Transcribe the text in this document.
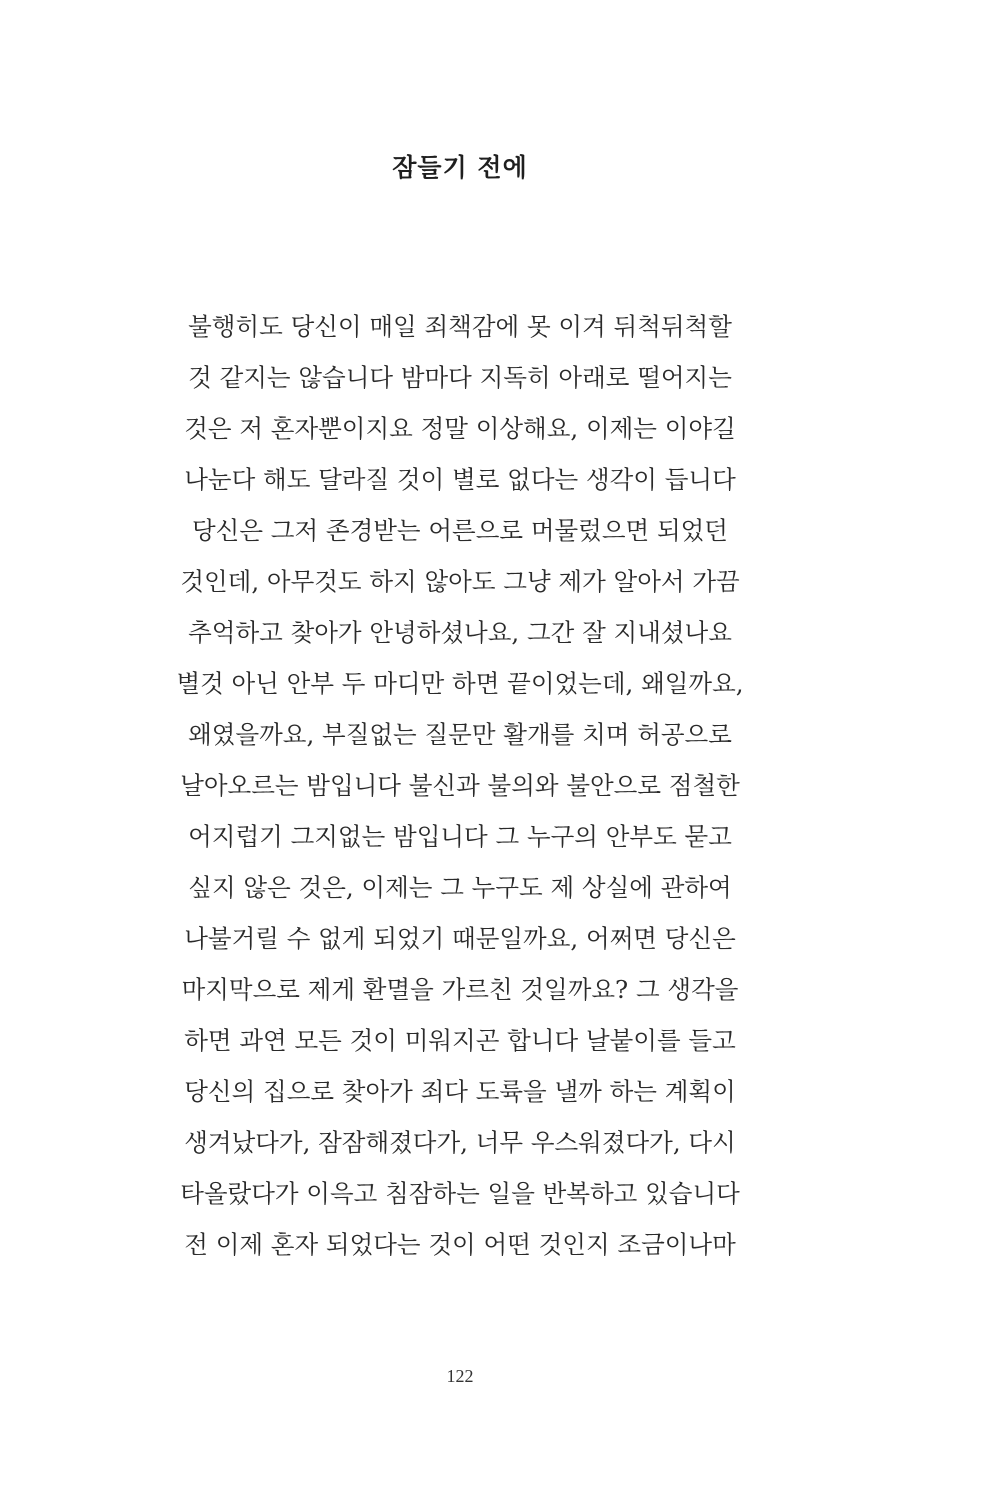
잠들기 전에
불행히도 당신이 매일 죄책감에 못 이겨 뒤척뒤척할
것 같지는 않습니다 밤마다 지독히 아래로 떨어지는
것은 저 혼자뿐이지요 정말 이상해요, 이제는 이야길
나눈다 해도 달라질 것이 별로 없다는 생각이 듭니다
당신은 그저 존경받는 어른으로 머물렀으면 되었던
것인데, 아무것도 하지 않아도 그냥 제가 알아서 가끔
추억하고 찾아가 안녕하셨나요, 그간 잘 지내셨나요
별것 아닌 안부 두 마디만 하면 끝이었는데, 왜일까요,
왜였을까요, 부질없는 질문만 활개를 치며 허공으로
날아오르는 밤입니다 불신과 불의와 불안으로 점철한
어지럽기 그지없는 밤입니다 그 누구의 안부도 묻고
싶지 않은 것은, 이제는 그 누구도 제 상실에 관하여
나불거릴 수 없게 되었기 때문일까요, 어쩌면 당신은
마지막으로 제게 환멸을 가르친 것일까요? 그 생각을
하면 과연 모든 것이 미워지곤 합니다 날붙이를 들고
당신의 집으로 찾아가 죄다 도륙을 낼까 하는 계획이
생겨났다가, 잠잠해졌다가, 너무 우스워졌다가, 다시
타올랐다가 이윽고 침잠하는 일을 반복하고 있습니다
전 이제 혼자 되었다는 것이 어떤 것인지 조금이나마
122
